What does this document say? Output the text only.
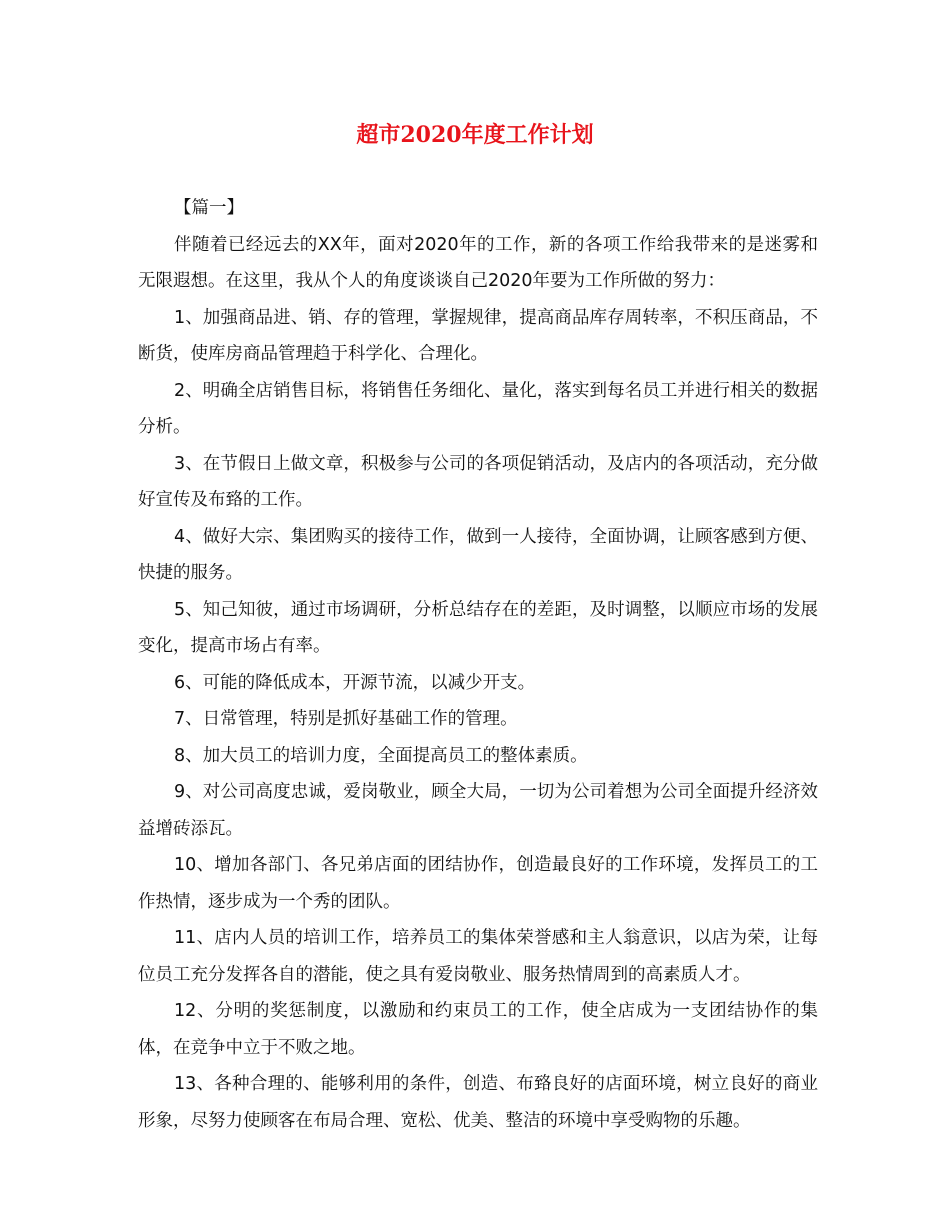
超市2020年度工作计划

【篇一】

伴随着已经远去的XX年，面对2020年的工作，新的各项工作给我带来的是迷雾和无限遐想。在这里，我从个人的角度谈谈自己2020年要为工作所做的努力：

1、加强商品进、销、存的管理，掌握规律，提高商品库存周转率，不积压商品，不断货，使库房商品管理趋于科学化、合理化。

2、明确全店销售目标，将销售任务细化、量化，落实到每名员工并进行相关的数据分析。

3、在节假日上做文章，积极参与公司的各项促销活动，及店内的各项活动，充分做好宣传及布臵的工作。

4、做好大宗、集团购买的接待工作，做到一人接待，全面协调，让顾客感到方便、快捷的服务。

5、知己知彼，通过市场调研，分析总结存在的差距，及时调整，以顺应市场的发展变化，提高市场占有率。

6、可能的降低成本，开源节流，以减少开支。

7、日常管理，特别是抓好基础工作的管理。

8、加大员工的培训力度，全面提高员工的整体素质。

9、对公司高度忠诚，爱岗敬业，顾全大局，一切为公司着想为公司全面提升经济效益增砖添瓦。

10、增加各部门、各兄弟店面的团结协作，创造最良好的工作环境，发挥员工的工作热情，逐步成为一个秀的团队。

11、店内人员的培训工作，培养员工的集体荣誉感和主人翁意识，以店为荣，让每位员工充分发挥各自的潜能，使之具有爱岗敬业、服务热情周到的高素质人才。

12、分明的奖惩制度，以激励和约束员工的工作，使全店成为一支团结协作的集体，在竞争中立于不败之地。

13、各种合理的、能够利用的条件，创造、布臵良好的店面环境，树立良好的商业形象，尽努力使顾客在布局合理、宽松、优美、整洁的环境中享受购物的乐趣。
